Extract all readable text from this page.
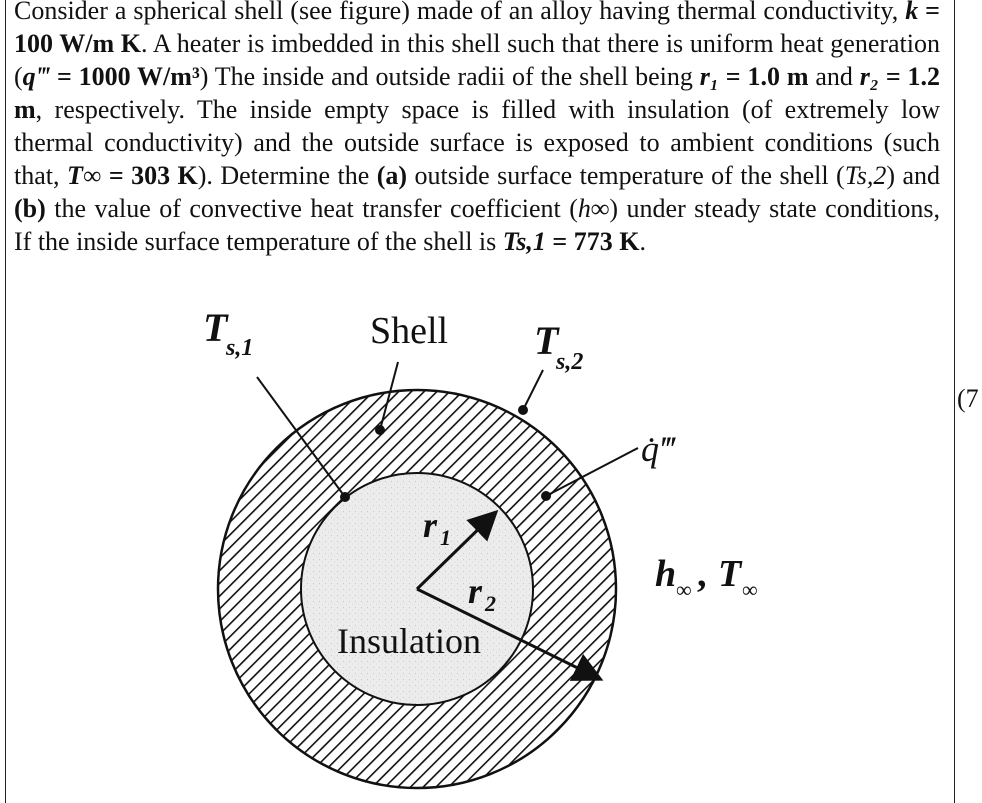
Consider a spherical shell (see figure) made of an alloy having thermal conductivity, k = 100 W/m K. A heater is imbedded in this shell such that there is uniform heat generation (q‴ = 1000 W/m³) The inside and outside radii of the shell being r₁ = 1.0 m and r₂ = 1.2 m, respectively. The inside empty space is filled with insulation (of extremely low thermal conductivity) and the outside surface is exposed to ambient conditions (such that, T∞ = 303 K). Determine the (a) outside surface temperature of the shell (Ts,2) and (b) the value of convective heat transfer coefficient (h∞) under steady state conditions, If the inside surface temperature of the shell is Ts,1 = 773 K.
(7
T
s,1	Shell T
s,2
q̇‴
r 1
r 2
Insulation
h ∞ , T ∞
